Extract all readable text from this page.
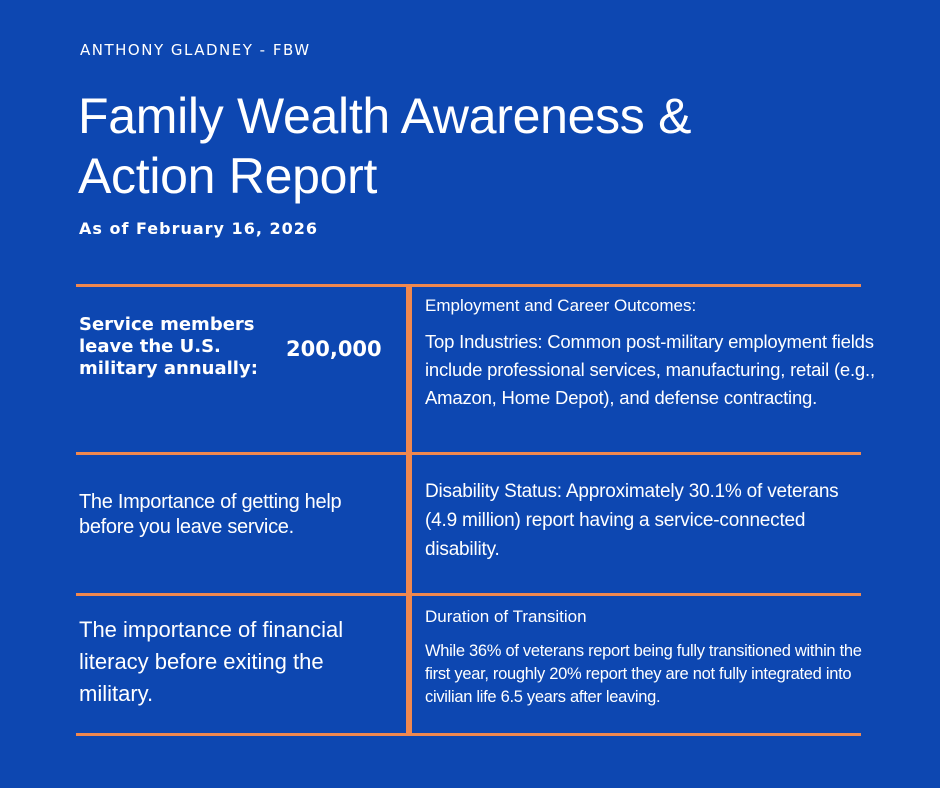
ANTHONY GLADNEY - FBW
Family Wealth Awareness & Action Report
As of February 16, 2026
Service members leave the U.S. military annually:
200,000
Employment and Career Outcomes:
Top Industries: Common post-military employment fields include professional services, manufacturing, retail (e.g., Amazon, Home Depot), and defense contracting.
The Importance of getting help before you leave service.
Disability Status: Approximately 30.1% of veterans (4.9 million) report having a service-connected disability.
The importance of financial literacy before exiting the military.
Duration of Transition
While 36% of veterans report being fully transitioned within the first year, roughly 20% report they are not fully integrated into civilian life 6.5 years after leaving.
